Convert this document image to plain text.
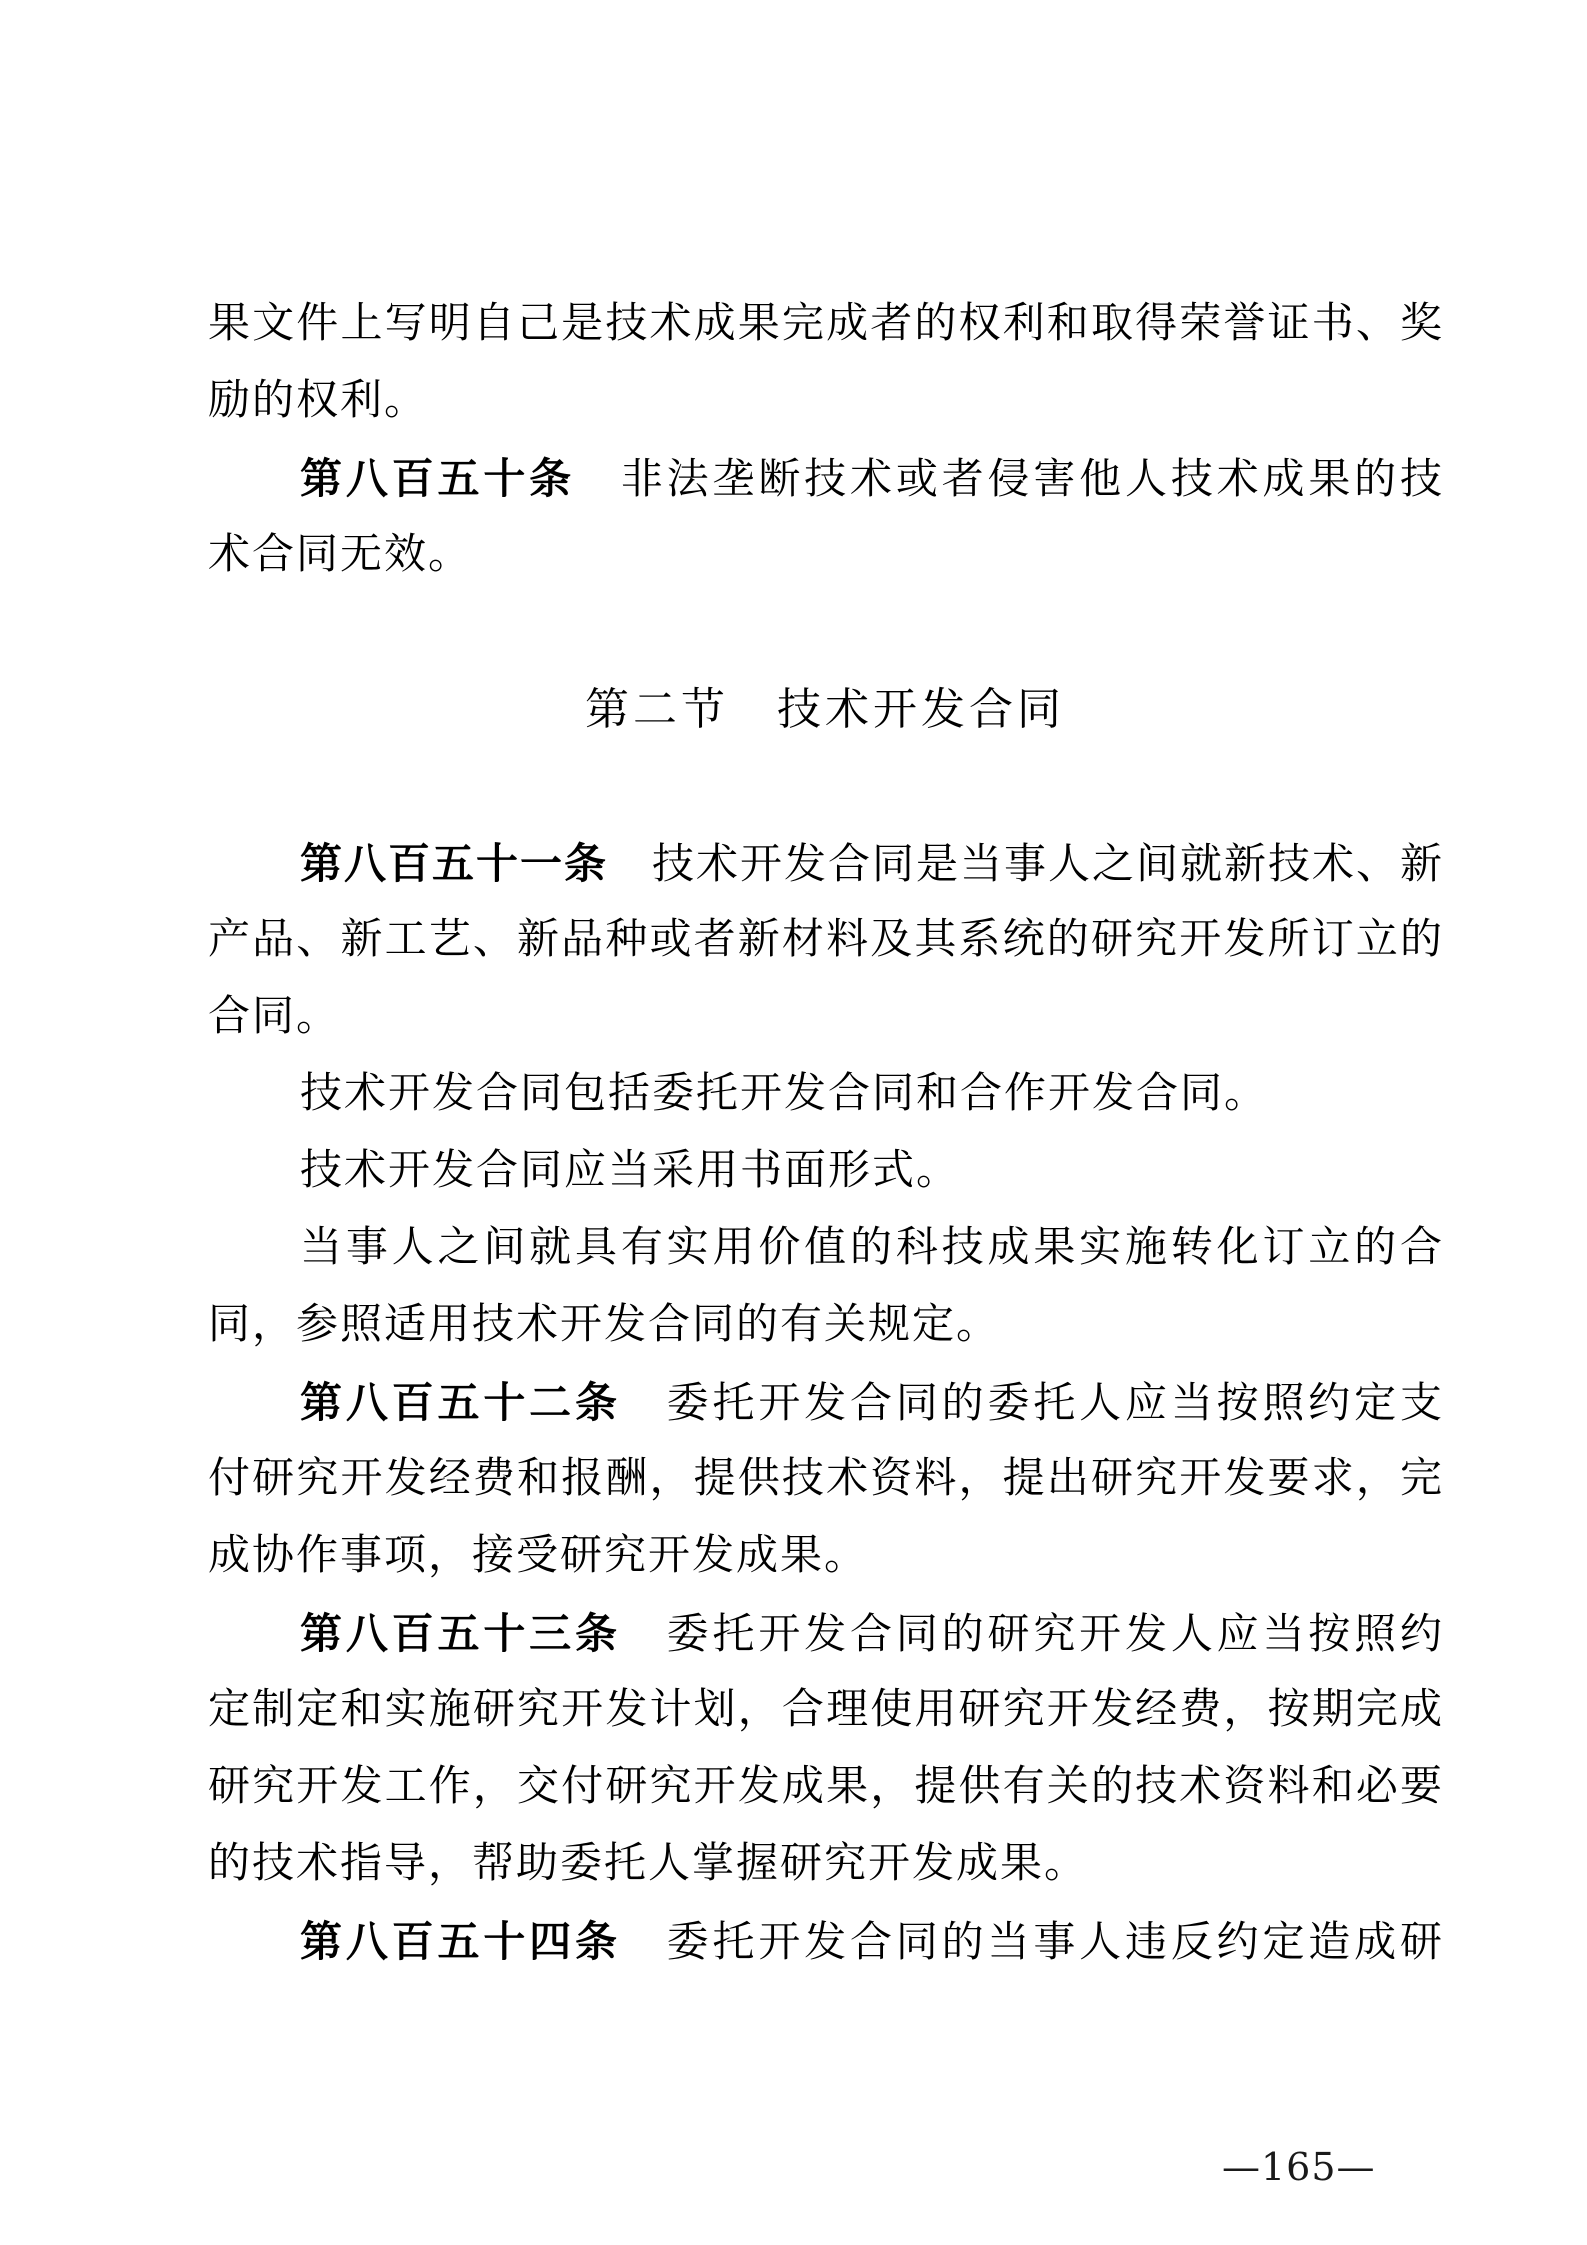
果文件上写明自己是技术成果完成者的权利和取得荣誉证书、奖
励的权利。
第八百五十条　 非法垄断技术或者侵害他人技术成果的技
术合同无效。
第二节　技术开发合同
第八百五十一条　 技术开发合同是当事人之间就新技术、新
产品、新工艺、新品种或者新材料及其系统的研究开发所订立的
合同。
技术开发合同包括委托开发合同和合作开发合同。
技术开发合同应当采用书面形式。
当事人之间就具有实用价值的科技成果实施转化订立的合
同，参照适用技术开发合同的有关规定。
第八百五十二条　 委托开发合同的委托人应当按照约定支
付研究开发经费和报酬，提供技术资料，提出研究开发要求，完
成协作事项，接受研究开发成果。
第八百五十三条　 委托开发合同的研究开发人应当按照约
定制定和实施研究开发计划，合理使用研究开发经费，按期完成
研究开发工作，交付研究开发成果，提供有关的技术资料和必要
的技术指导，帮助委托人掌握研究开发成果。
第八百五十四条　 委托开发合同的当事人违反约定造成研
—165—
